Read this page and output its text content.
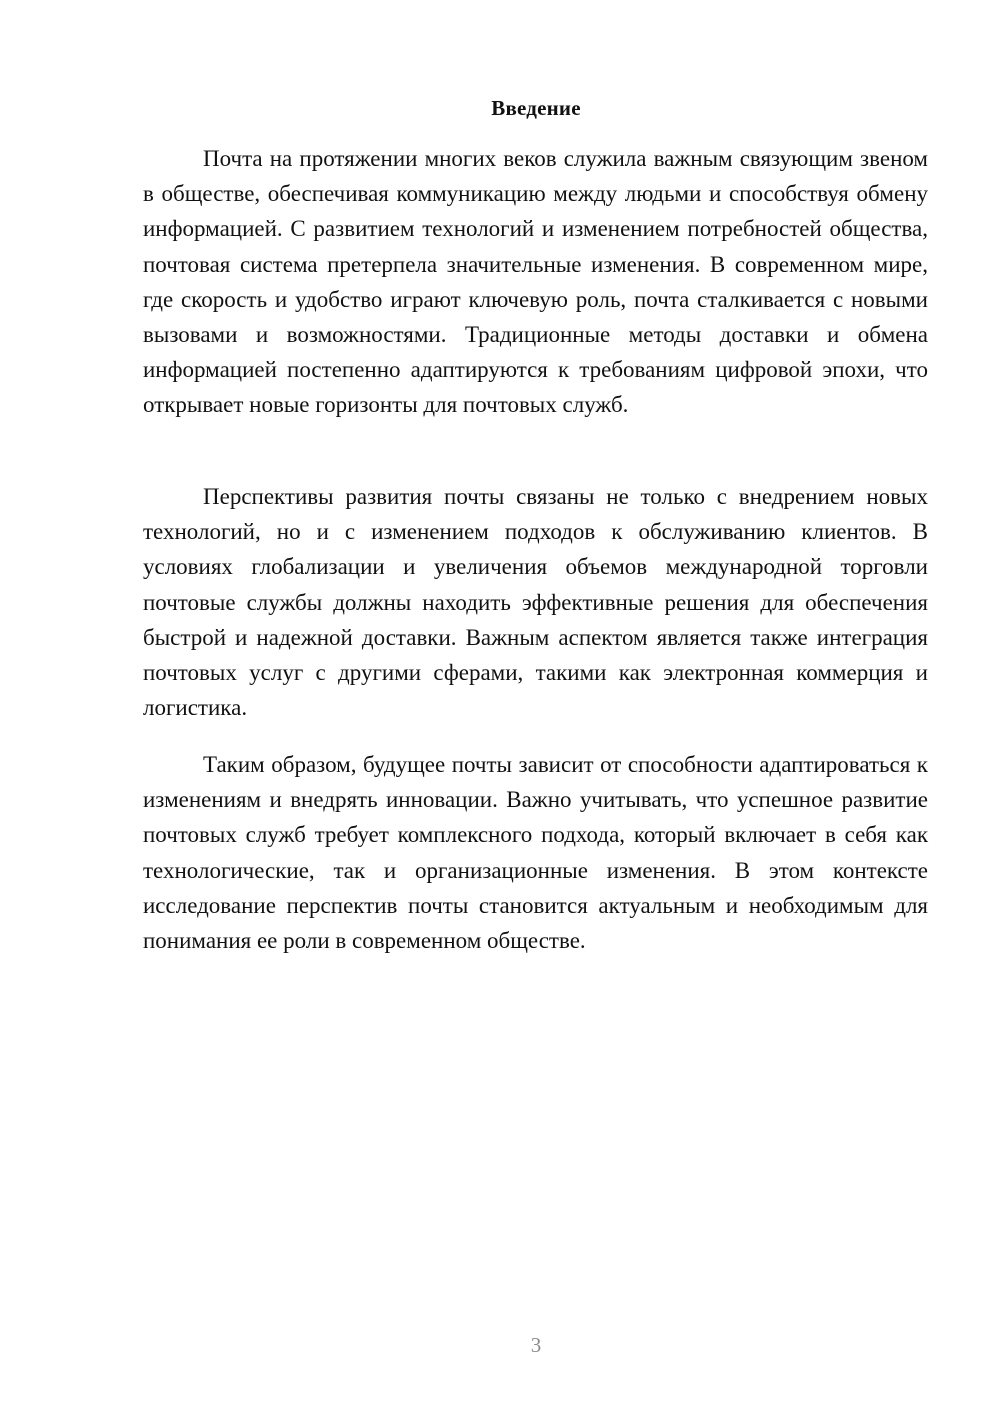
Введение

Почта на протяжении многих веков служила важным связующим звеном в обществе, обеспечивая коммуникацию между людьми и способствуя обмену информацией. С развитием технологий и изменением потребностей общества, почтовая система претерпела значительные изменения. В современном мире, где скорость и удобство играют ключевую роль, почта сталкивается с новыми вызовами и возможностями. Традиционные методы доставки и обмена информацией постепенно адаптируются к требованиям цифровой эпохи, что открывает новые горизонты для почтовых служб.

Перспективы развития почты связаны не только с внедрением новых технологий, но и с изменением подходов к обслуживанию клиентов. В условиях глобализации и увеличения объемов международной торговли почтовые службы должны находить эффективные решения для обеспечения быстрой и надежной доставки. Важным аспектом является также интеграция почтовых услуг с другими сферами, такими как электронная коммерция и логистика.

Таким образом, будущее почты зависит от способности адаптироваться к изменениям и внедрять инновации. Важно учитывать, что успешное развитие почтовых служб требует комплексного подхода, который включает в себя как технологические, так и организационные изменения. В этом контексте исследование перспектив почты становится актуальным и необходимым для понимания ее роли в современном обществе.

3
